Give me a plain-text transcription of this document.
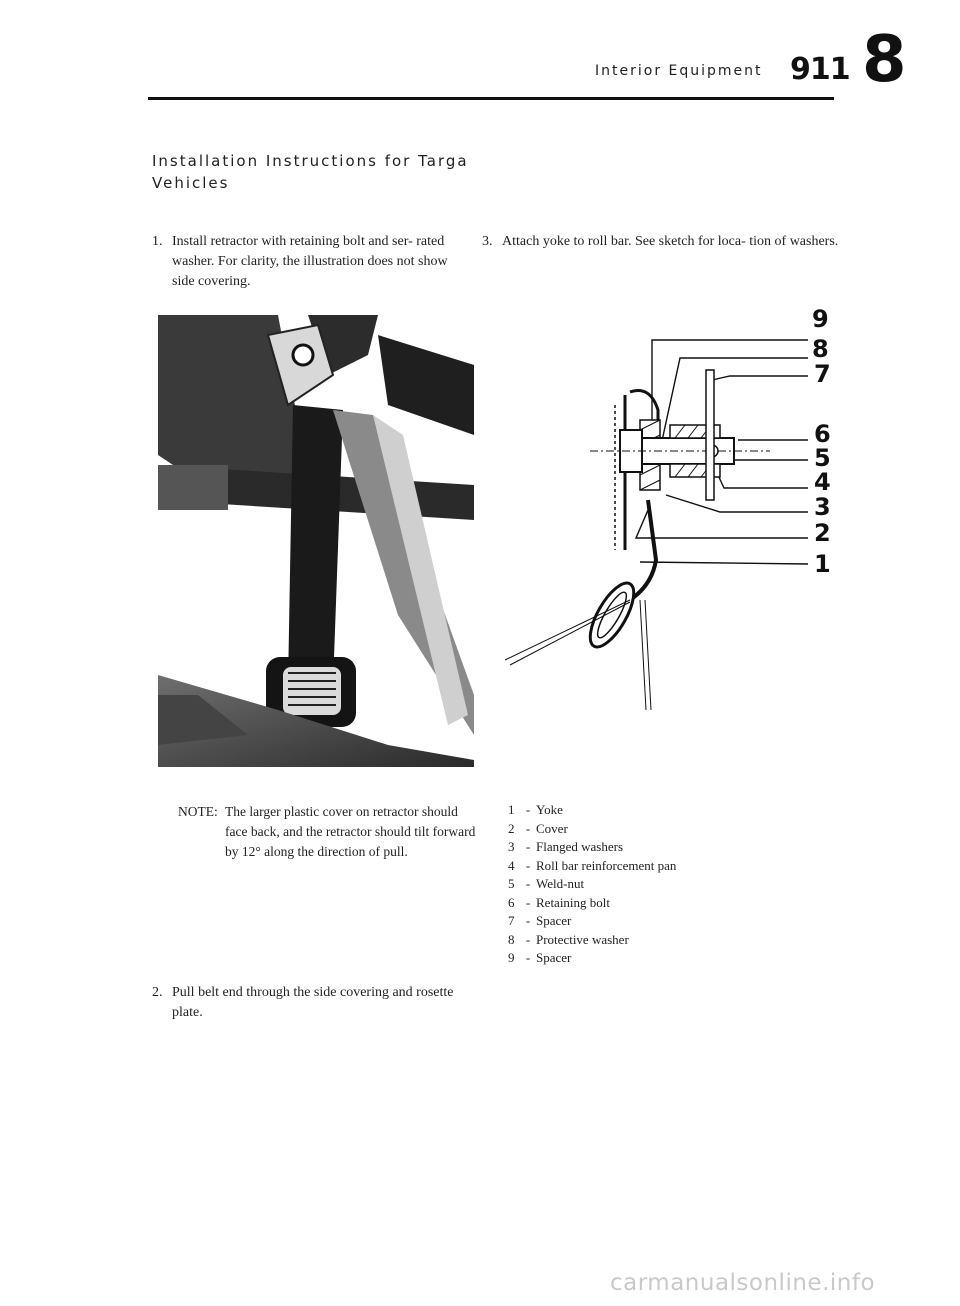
Interior Equipment 911 8
Installation Instructions for Targa Vehicles
1. Install retractor with retaining bolt and ser- rated washer. For clarity, the illustration does not show side covering.
3. Attach yoke to roll bar. See sketch for loca- tion of washers.
NOTE: The larger plastic cover on retractor should face back, and the retractor should tilt forward by 12° along the direction of pull.
2. Pull belt end through the side covering and rosette plate.
9
8
7
6
5
4
3
2
1
1 - Yoke
2 - Cover
3 - Flanged washers
4 - Roll bar reinforcement pan
5 - Weld-nut
6 - Retaining bolt
7 - Spacer
8 - Protective washer
9 - Spacer
carmanualsonline.info
